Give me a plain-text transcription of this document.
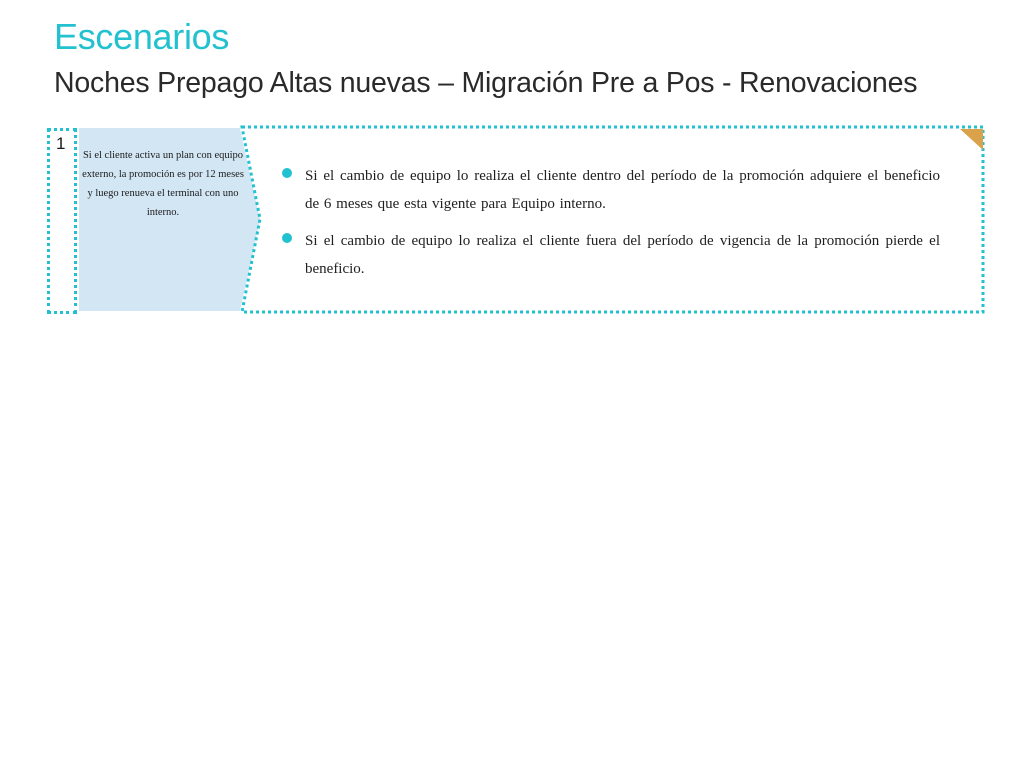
Escenarios
Noches Prepago Altas nuevas – Migración Pre a Pos - Renovaciones
1

Si el cliente activa un plan con equipo externo, la promoción es por 12 meses y luego renueva el terminal con uno interno.

Si el cambio de equipo lo realiza el cliente dentro del período de la promoción adquiere el beneficio de 6 meses que esta vigente para Equipo interno.
Si el cambio de equipo lo realiza el cliente fuera del período de vigencia de la promoción pierde el beneficio.
